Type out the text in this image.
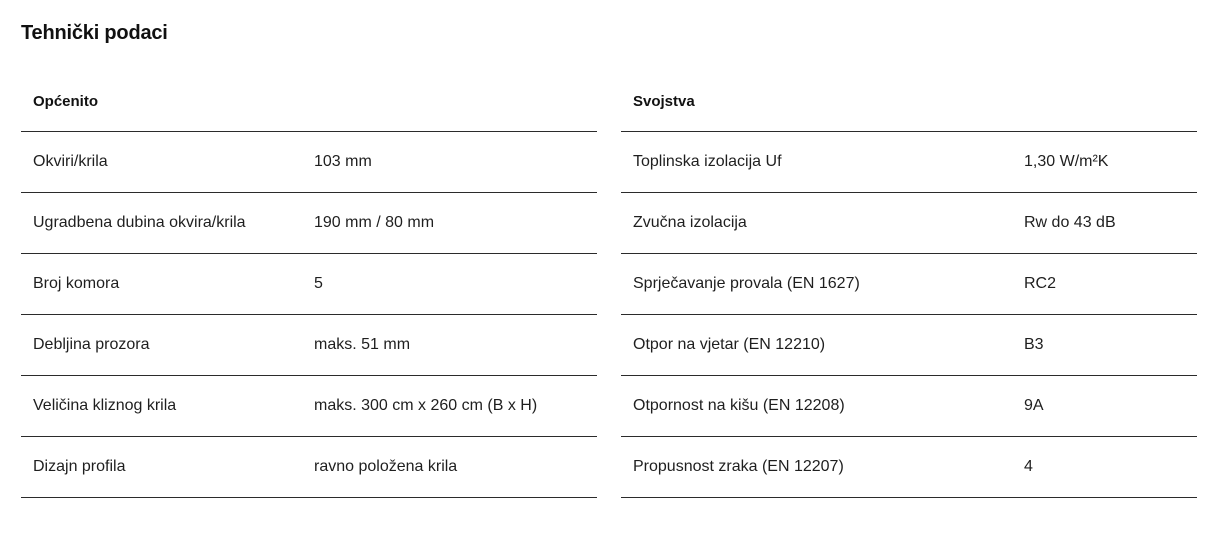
Tehnički podaci
Općenito	
Okviri/krila	103 mm
Ugradbena dubina okvira/krila	190 mm / 80 mm
Broj komora	5
Debljina prozora	maks. 51 mm
Veličina kliznog krila	maks. 300 cm x 260 cm (B x H)
Dizajn profila	ravno položena krila
Svojstva	
Toplinska izolacija Uf	1,30 W/m²K
Zvučna izolacija	Rw do 43 dB
Sprječavanje provala (EN 1627)	RC2
Otpor na vjetar (EN 12210)	B3
Otpornost na kišu (EN 12208)	9A
Propusnost zraka (EN 12207)	4
